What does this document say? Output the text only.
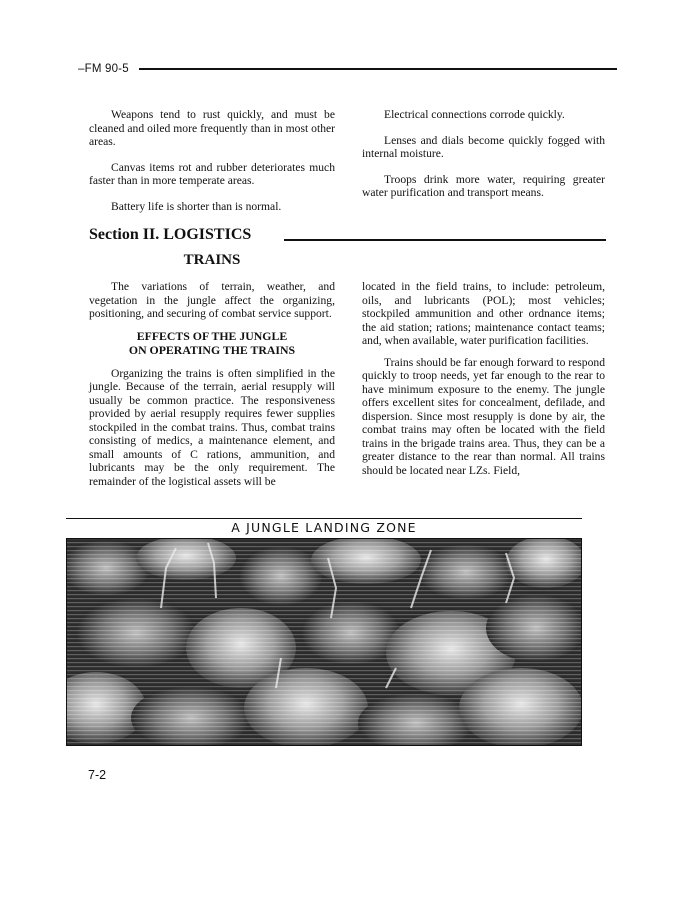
–FM 90-5

Weapons tend to rust quickly, and must be cleaned and oiled more frequently than in most other areas.

Canvas items rot and rubber deteriorates much faster than in more temperate areas.

Battery life is shorter than is normal.

Electrical connections corrode quickly.

Lenses and dials become quickly fogged with internal moisture.

Troops drink more water, requiring greater water purification and transport means.

Section II. LOGISTICS
TRAINS

The variations of terrain, weather, and vegetation in the jungle affect the organizing, positioning, and securing of combat service support.

EFFECTS OF THE JUNGLE
ON OPERATING THE TRAINS

Organizing the trains is often simplified in the jungle. Because of the terrain, aerial resupply will usually be common practice. The responsiveness provided by aerial resupply requires fewer supplies stockpiled in the combat trains. Thus, combat trains consisting of medics, a maintenance element, and small amounts of C rations, ammunition, and lubricants may be the only requirement. The remainder of the logistical assets will be

located in the field trains, to include: petroleum, oils, and lubricants (POL); most vehicles; stockpiled ammunition and other ordnance items; the aid station; rations; maintenance contact teams; and, when available, water purification facilities.

Trains should be far enough forward to respond quickly to troop needs, yet far enough to the rear to have minimum exposure to the enemy. The jungle offers excellent sites for concealment, defilade, and dispersion. Since most resupply is done by air, the combat trains may often be located with the field trains in the brigade trains area. Thus, they can be a greater distance to the rear than normal. All trains should be located near LZs. Field,

A JUNGLE LANDING ZONE
7-2
